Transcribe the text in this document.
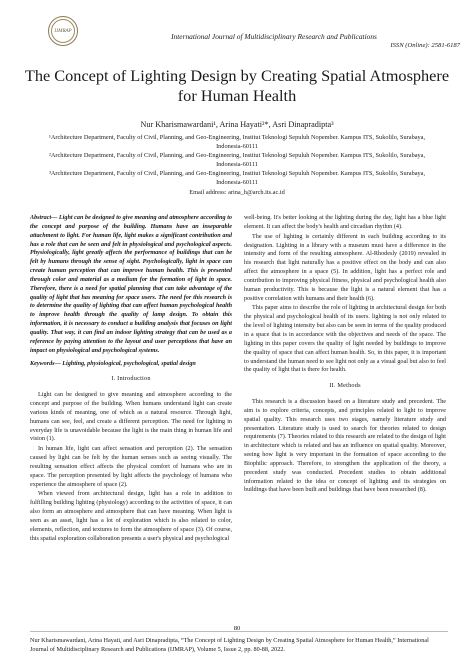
IJMRAP
International Journal of Multidisciplinary Research and Publications
ISSN (Online): 2581-6187
The Concept of Lighting Design by Creating Spatial Atmosphere for Human Health
Nur Kharismawardani¹, Arina Hayati²*, Asri Dinapradipta³
¹Architecture Department, Faculty of Civil, Planning, and Geo-Engineering, Institut Teknologi Sepuluh Nopember. Kampus ITS, Sukolilo, Surabaya, Indonesia-60111
²Architecture Department, Faculty of Civil, Planning, and Geo-Engineering, Institut Teknologi Sepuluh Nopember. Kampus ITS, Sukolilo, Surabaya, Indonesia-60111
³Architecture Department, Faculty of Civil, Planning, and Geo-Engineering, Institut Teknologi Sepuluh Nopember. Kampus ITS, Sukolilo, Surabaya, Indonesia-60111
Email address: arina_h@arch.its.ac.id

Abstract— Light can be designed to give meaning and atmosphere according to the concept and purpose of the building. Humans have an inseparable attachment to light. For human life, light makes a significant contribution and has a role that can be seen and felt in physiological and psychological aspects. Physiologically, light greatly affects the performance of buildings that can be felt by humans through the sense of sight. Psychologically, light in space can create human perception that can improve human health. This is presented through color and material as a medium for the formation of light in space. Therefore, there is a need for spatial planning that can take advantage of the quality of light that has meaning for space users. The need for this research is to determine the quality of lighting that can affect human psychological health to improve health through the quality of lamp design. To obtain this information, it is necessary to conduct a building analysis that focuses on light quality. That way, it can find an indoor lighting strategy that can be used as a reference by paying attention to the layout and user perceptions that have an impact on physiological and psychological systems.

Keywords— Lighting, physiological, psychological, spatial design

I. Introduction

Light can be designed to give meaning and atmosphere according to the concept and purpose of the building. When humans understand light can create various kinds of meaning, one of which as a natural resource. Through light, humans can see, feel, and create a different perception. The need for lighting in everyday life is unavoidable because the light is the main thing in human life and vision (1).

In human life, light can affect sensation and perception (2). The sensation caused by light can be felt by the human senses such as seeing visually. The resulting sensation effect affects the physical comfort of humans who are in space. The perception presented by light affects the psychology of humans who experience the atmosphere of space (2).

When viewed from architectural design, light has a role in addition to fulfilling building lighting (physiology) according to the activities of space, it can also form an atmosphere and atmosphere that can have meaning. When light is seen as an asset, light has a lot of exploration which is also related to color, elements, reflection, and textures to form the atmosphere of space (3). Of course, this spatial exploration collaboration presents a user's physical and psychological

well-being. It's better looking at the lighting during the day, light has a blue light element. It can affect the body's health and circadian rhythm (4).

The use of lighting is certainly different in each building according to its designation. Lighting in a library with a museum must have a difference in the intensity and form of the resulting atmosphere. Al-Rhodesly (2019) revealed in his research that light naturally has a positive effect on the body and can also affect the atmosphere in a space (5). In addition, light has a perfect role and contribution to improving physical fitness, physical and psychological health also human productivity. This is because the light is a natural element that has a positive correlation with humans and their health (6).

This paper aims to describe the role of lighting in architectural design for both the physical and psychological health of its users. lighting is not only related to the level of lighting intensity but also can be seen in terms of the quality produced in a space that is in accordance with the objectives and needs of the space. The lighting in this paper covers the quality of light needed by buildings to improve the quality of space that can affect human health. So, in this paper, it is important to understand the human need to see light not only as a visual goal but also to feel the quality of light that is there for health.

II. Methods

This research is a discussion based on a literature study and precedent. The aim is to explore criteria, concepts, and principles related to light to improve spatial quality. This research uses two stages, namely literature study and presentation. Literature study is used to search for theories related to design requirements (7). Theories related to this research are related to the design of light in architecture which is related and has an influence on spatial quality. Moreover, seeing how light is very important in the formation of space according to the Biophilic approach. Therefore, to strengthen the application of the theory, a precedent study was conducted. Precedent studies to obtain additional information related to the idea or concept of lighting and its strategies on buildings that have been built and buildings that have been researched (8).

80
Nur Kharismawardani, Arina Hayati, and Asri Dinapradipta, “The Concept of Lighting Design by Creating Spatial Atmosphere for Human Health,” International Journal of Multidisciplinary Research and Publications (IJMRAP), Volume 5, Issue 2, pp. 80-88, 2022.
